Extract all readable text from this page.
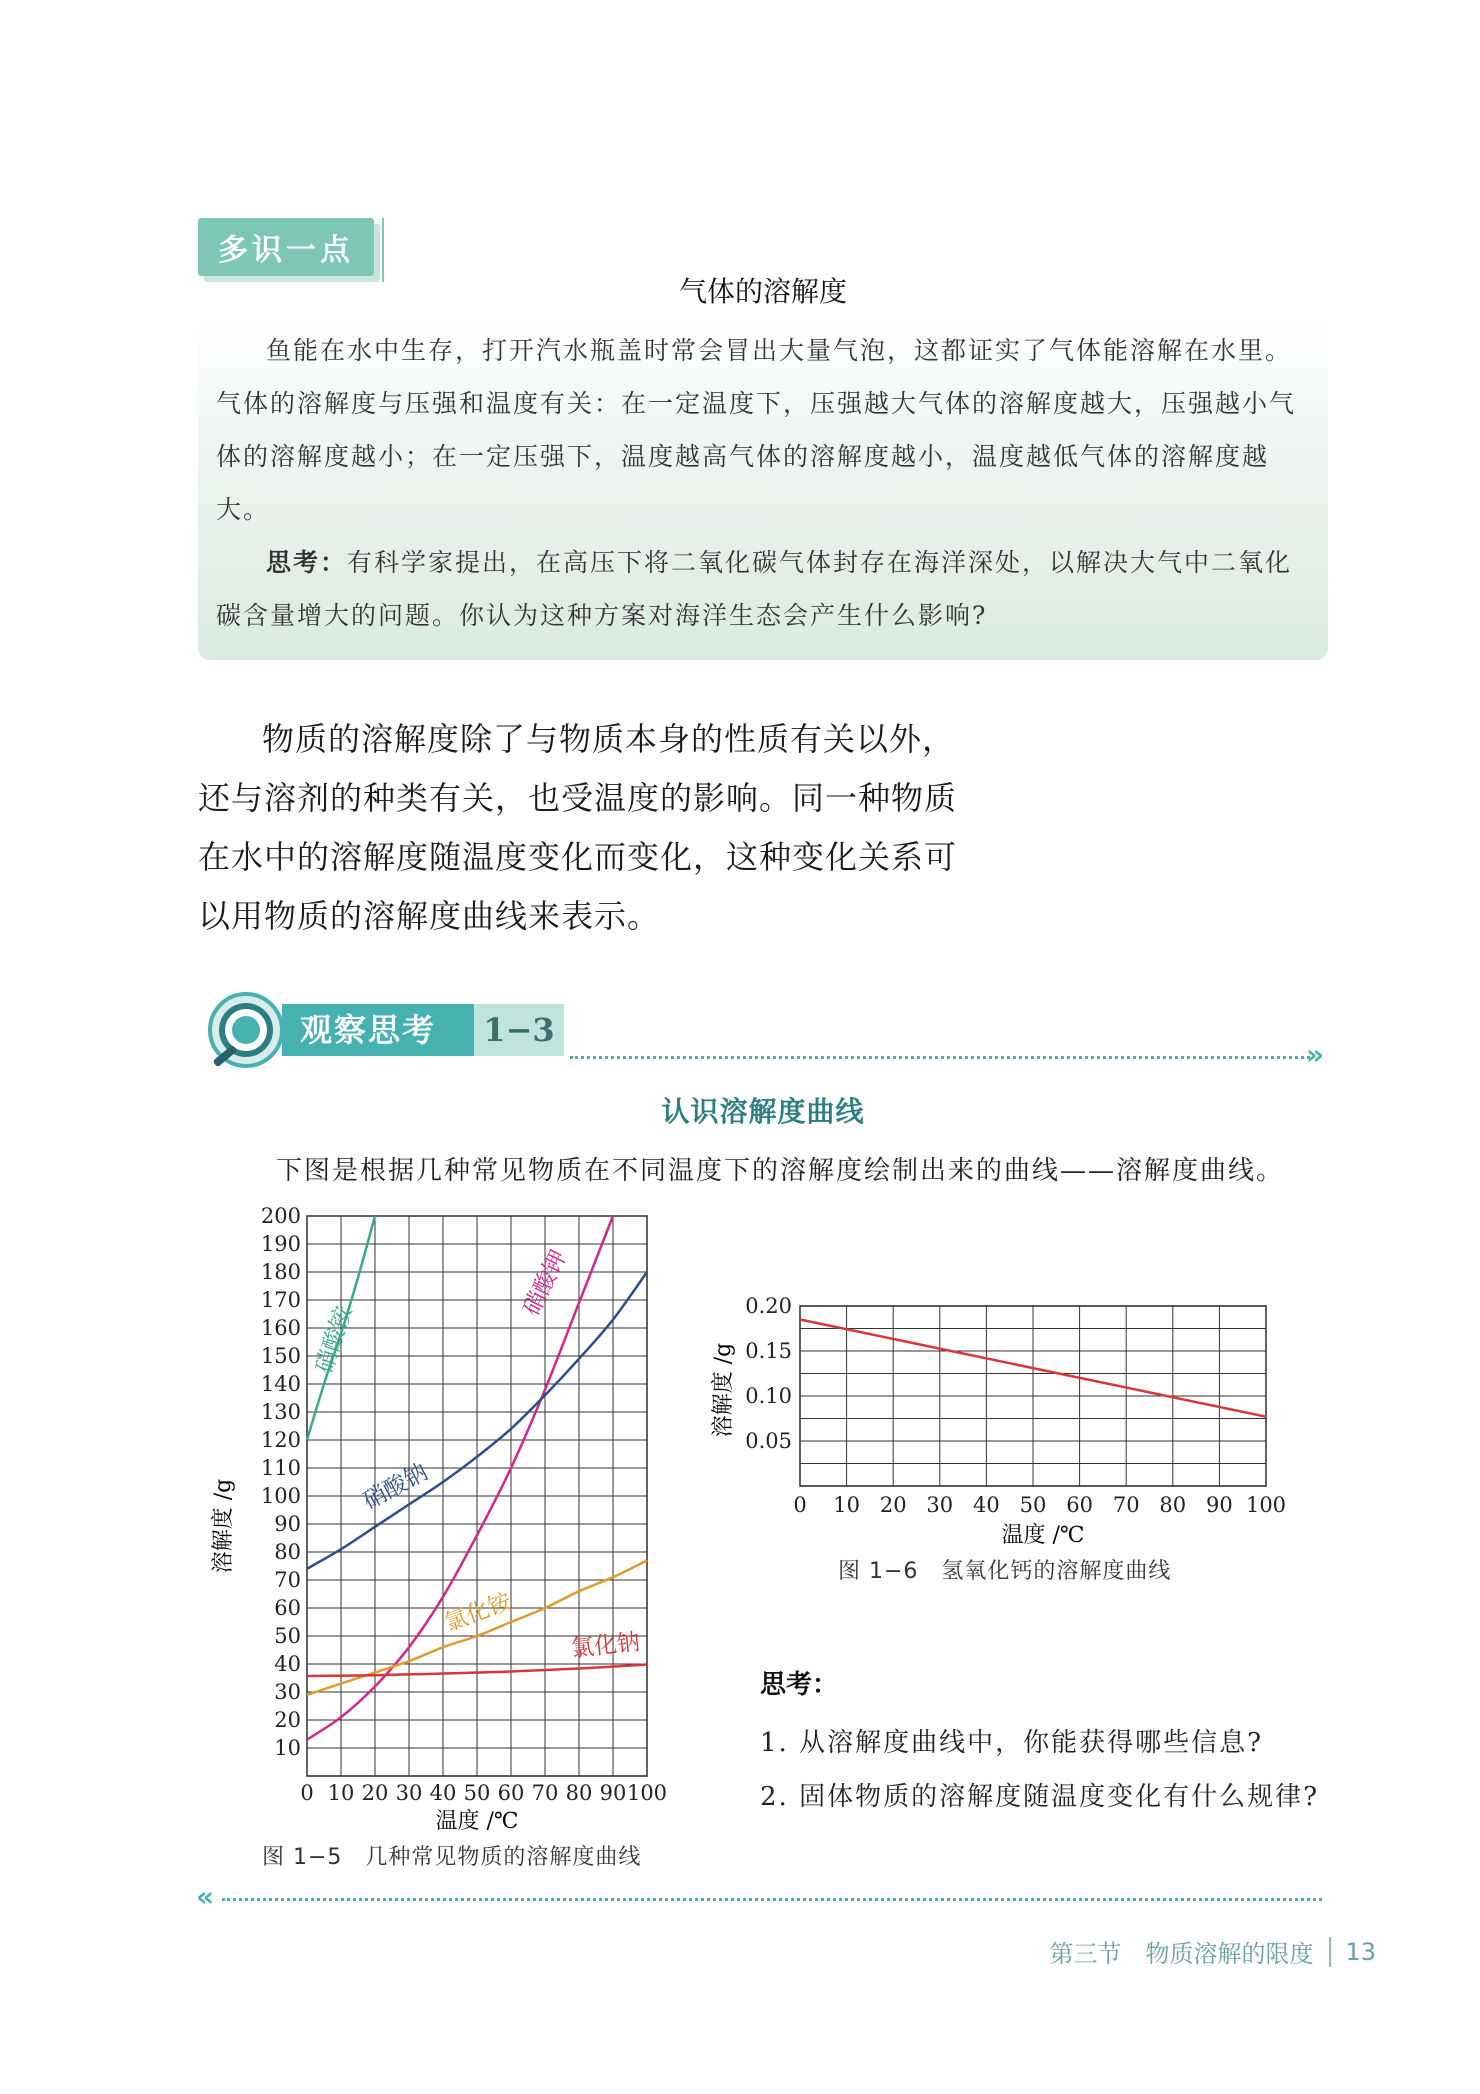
多识一点
气体的溶解度

鱼能在水中生存，打开汽水瓶盖时常会冒出大量气泡，这都证实了气体能溶解在水里。气体的溶解度与压强和温度有关：在一定温度下，压强越大气体的溶解度越大，压强越小气体的溶解度越小；在一定压强下，温度越高气体的溶解度越小，温度越低气体的溶解度越大。

思考：有科学家提出，在高压下将二氧化碳气体封存在海洋深处，以解决大气中二氧化碳含量增大的问题。你认为这种方案对海洋生态会产生什么影响?

物质的溶解度除了与物质本身的性质有关以外，还与溶剂的种类有关，也受温度的影响。同一种物质在水中的溶解度随温度变化而变化，这种变化关系可以用物质的溶解度曲线来表示。

观察思考 1−3
»
认识溶解度曲线
下图是根据几种常见物质在不同温度下的溶解度绘制出来的曲线——溶解度曲线。
0 10 20 30 40 50 60 70 80 90 100
10
20
30
40
50
60
70
80
90
100
110
120
130
140
150
160
170
180
190
200
硝酸铵
硝酸钾
硝酸钠
氯化铵
氯化钠
温度 /℃
溶解度 /g
图 1−5　几种常见物质的溶解度曲线
0 10 20 30 40 50 60 70 80 90 100
0.05
0.10
0.15
0.20
温度 /℃
溶解度 /g
图 1−6　氢氧化钙的溶解度曲线
思考：
1. 从溶解度曲线中，你能获得哪些信息?
2. 固体物质的溶解度随温度变化有什么规律?
«
第三节　物质溶解的限度 13
